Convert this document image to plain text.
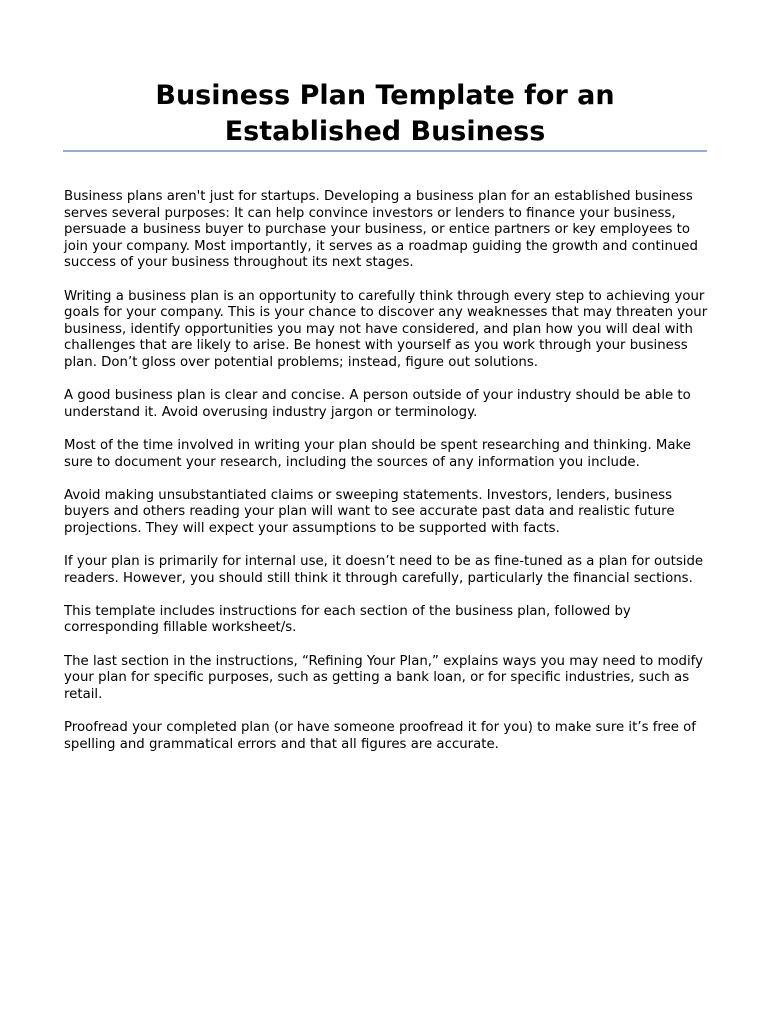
Business Plan Template for an Established Business

Business plans aren't just for startups. Developing a business plan for an established business serves several purposes: It can help convince investors or lenders to finance your business, persuade a business buyer to purchase your business, or entice partners or key employees to join your company. Most importantly, it serves as a roadmap guiding the growth and continued success of your business throughout its next stages.

Writing a business plan is an opportunity to carefully think through every step to achieving your goals for your company. This is your chance to discover any weaknesses that may threaten your business, identify opportunities you may not have considered, and plan how you will deal with challenges that are likely to arise. Be honest with yourself as you work through your business plan. Don’t gloss over potential problems; instead, figure out solutions.

A good business plan is clear and concise. A person outside of your industry should be able to understand it. Avoid overusing industry jargon or terminology.

Most of the time involved in writing your plan should be spent researching and thinking. Make sure to document your research, including the sources of any information you include.

Avoid making unsubstantiated claims or sweeping statements. Investors, lenders, business buyers and others reading your plan will want to see accurate past data and realistic future projections. They will expect your assumptions to be supported with facts.

If your plan is primarily for internal use, it doesn’t need to be as fine-tuned as a plan for outside readers. However, you should still think it through carefully, particularly the financial sections.

This template includes instructions for each section of the business plan, followed by corresponding fillable worksheet/s.

The last section in the instructions, “Refining Your Plan,” explains ways you may need to modify your plan for specific purposes, such as getting a bank loan, or for specific industries, such as retail.

Proofread your completed plan (or have someone proofread it for you) to make sure it’s free of spelling and grammatical errors and that all figures are accurate.
